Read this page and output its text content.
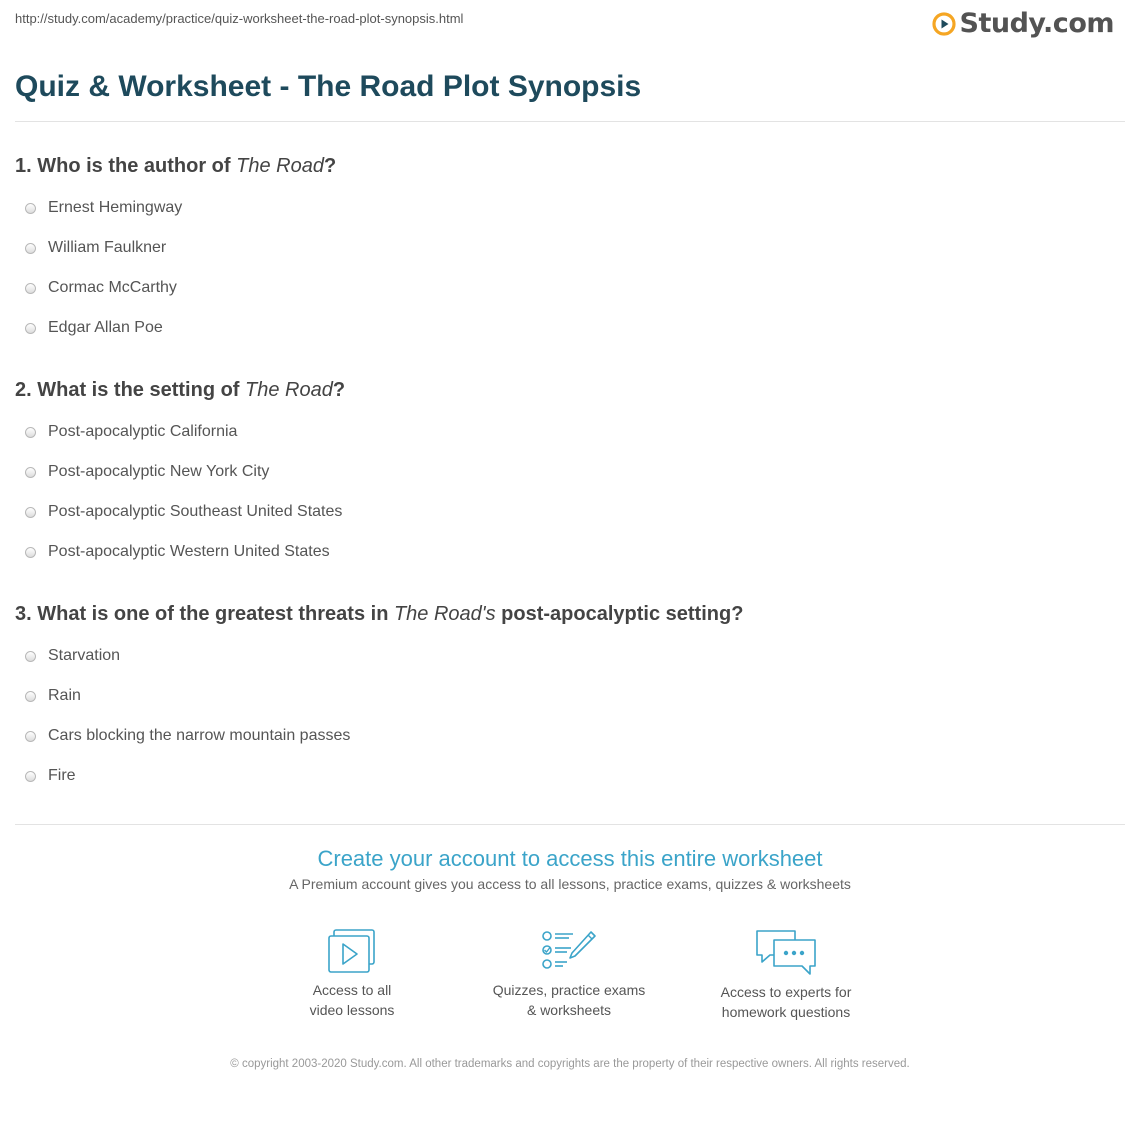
http://study.com/academy/practice/quiz-worksheet-the-road-plot-synopsis.html	Study.com
Quiz & Worksheet - The Road Plot Synopsis
1. Who is the author of The Road?
Ernest Hemingway
William Faulkner
Cormac McCarthy
Edgar Allan Poe
2. What is the setting of The Road?
Post-apocalyptic California
Post-apocalyptic New York City
Post-apocalyptic Southeast United States
Post-apocalyptic Western United States
3. What is one of the greatest threats in The Road's post-apocalyptic setting?
Starvation
Rain
Cars blocking the narrow mountain passes
Fire
Create your account to access this entire worksheet
A Premium account gives you access to all lessons, practice exams, quizzes & worksheets
Access to all
video lessons
Quizzes, practice exams
& worksheets
Access to experts for
homework questions
© copyright 2003-2020 Study.com. All other trademarks and copyrights are the property of their respective owners. All rights reserved.
